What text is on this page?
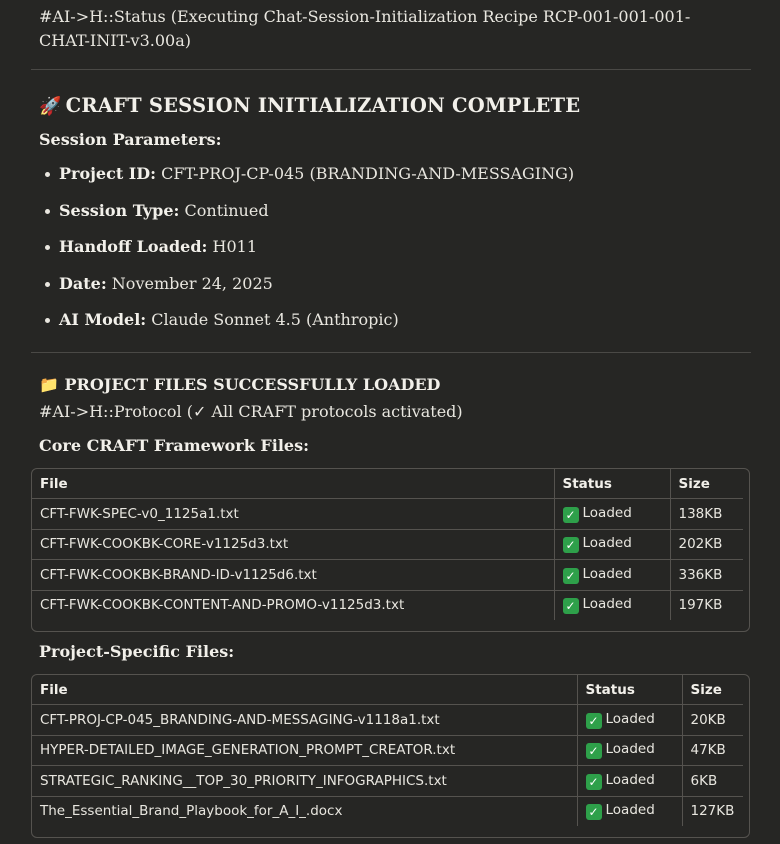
#AI->H::Status (Executing Chat-Session-Initialization Recipe RCP-001-001-001-CHAT-INIT-v3.00a)
🚀 CRAFT SESSION INITIALIZATION COMPLETE
Session Parameters:
Project ID: CFT-PROJ-CP-045 (BRANDING-AND-MESSAGING)
Session Type: Continued
Handoff Loaded: H011
Date: November 24, 2025
AI Model: Claude Sonnet 4.5 (Anthropic)
📁 PROJECT FILES SUCCESSFULLY LOADED
#AI->H::Protocol (✓ All CRAFT protocols activated)
Core CRAFT Framework Files:
File	Status	Size
CFT-FWK-SPEC-v0_1125a1.txt	✓ Loaded	138KB
CFT-FWK-COOKBK-CORE-v1125d3.txt	✓ Loaded	202KB
CFT-FWK-COOKBK-BRAND-ID-v1125d6.txt	✓ Loaded	336KB
CFT-FWK-COOKBK-CONTENT-AND-PROMO-v1125d3.txt	✓ Loaded	197KB
Project-Specific Files:
File	Status	Size
CFT-PROJ-CP-045_BRANDING-AND-MESSAGING-v1118a1.txt	✓ Loaded	20KB
HYPER-DETAILED_IMAGE_GENERATION_PROMPT_CREATOR.txt	✓ Loaded	47KB
STRATEGIC_RANKING__TOP_30_PRIORITY_INFOGRAPHICS.txt	✓ Loaded	6KB
The_Essential_Brand_Playbook_for_A_I_.docx	✓ Loaded	127KB
